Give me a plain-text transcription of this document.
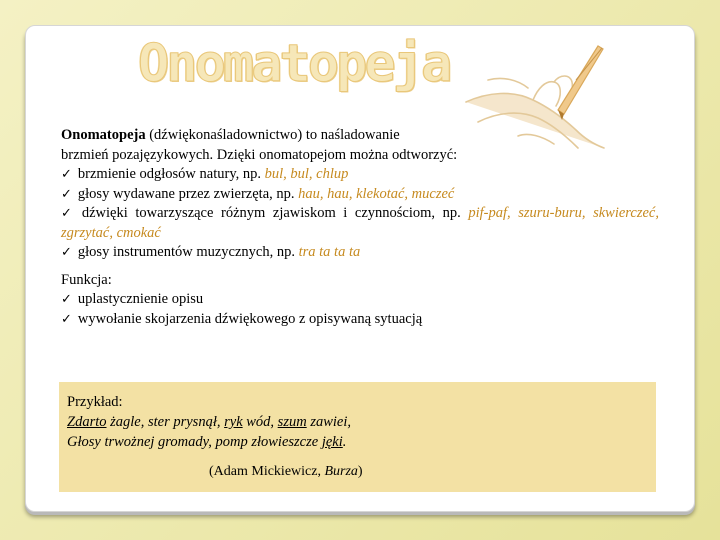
Onomatopeja

Onomatopeja (dźwiękonaśladownictwo) to naśladowanie

brzmień pozajęzykowych. Dzięki onomatopejom można odtworzyć:

✓ brzmienie odgłosów natury, np. bul, bul, chlup

✓ głosy wydawane przez zwierzęta, np. hau, hau, klekotać, muczeć

✓ dźwięki towarzyszące różnym zjawiskom i czynnościom, np. pif-paf, szuru-buru, skwierczeć, zgrzytać, cmokać

✓ głosy instrumentów muzycznych, np. tra ta ta ta

Funkcja:

✓ uplastycznienie opisu

✓ wywołanie skojarzenia dźwiękowego z opisywaną sytuacją

Przykład:

Zdarto żagle, ster prysnął, ryk wód, szum zawiei,

Głosy trwożnej gromady, pomp złowieszcze jęki.

(Adam Mickiewicz, Burza)
